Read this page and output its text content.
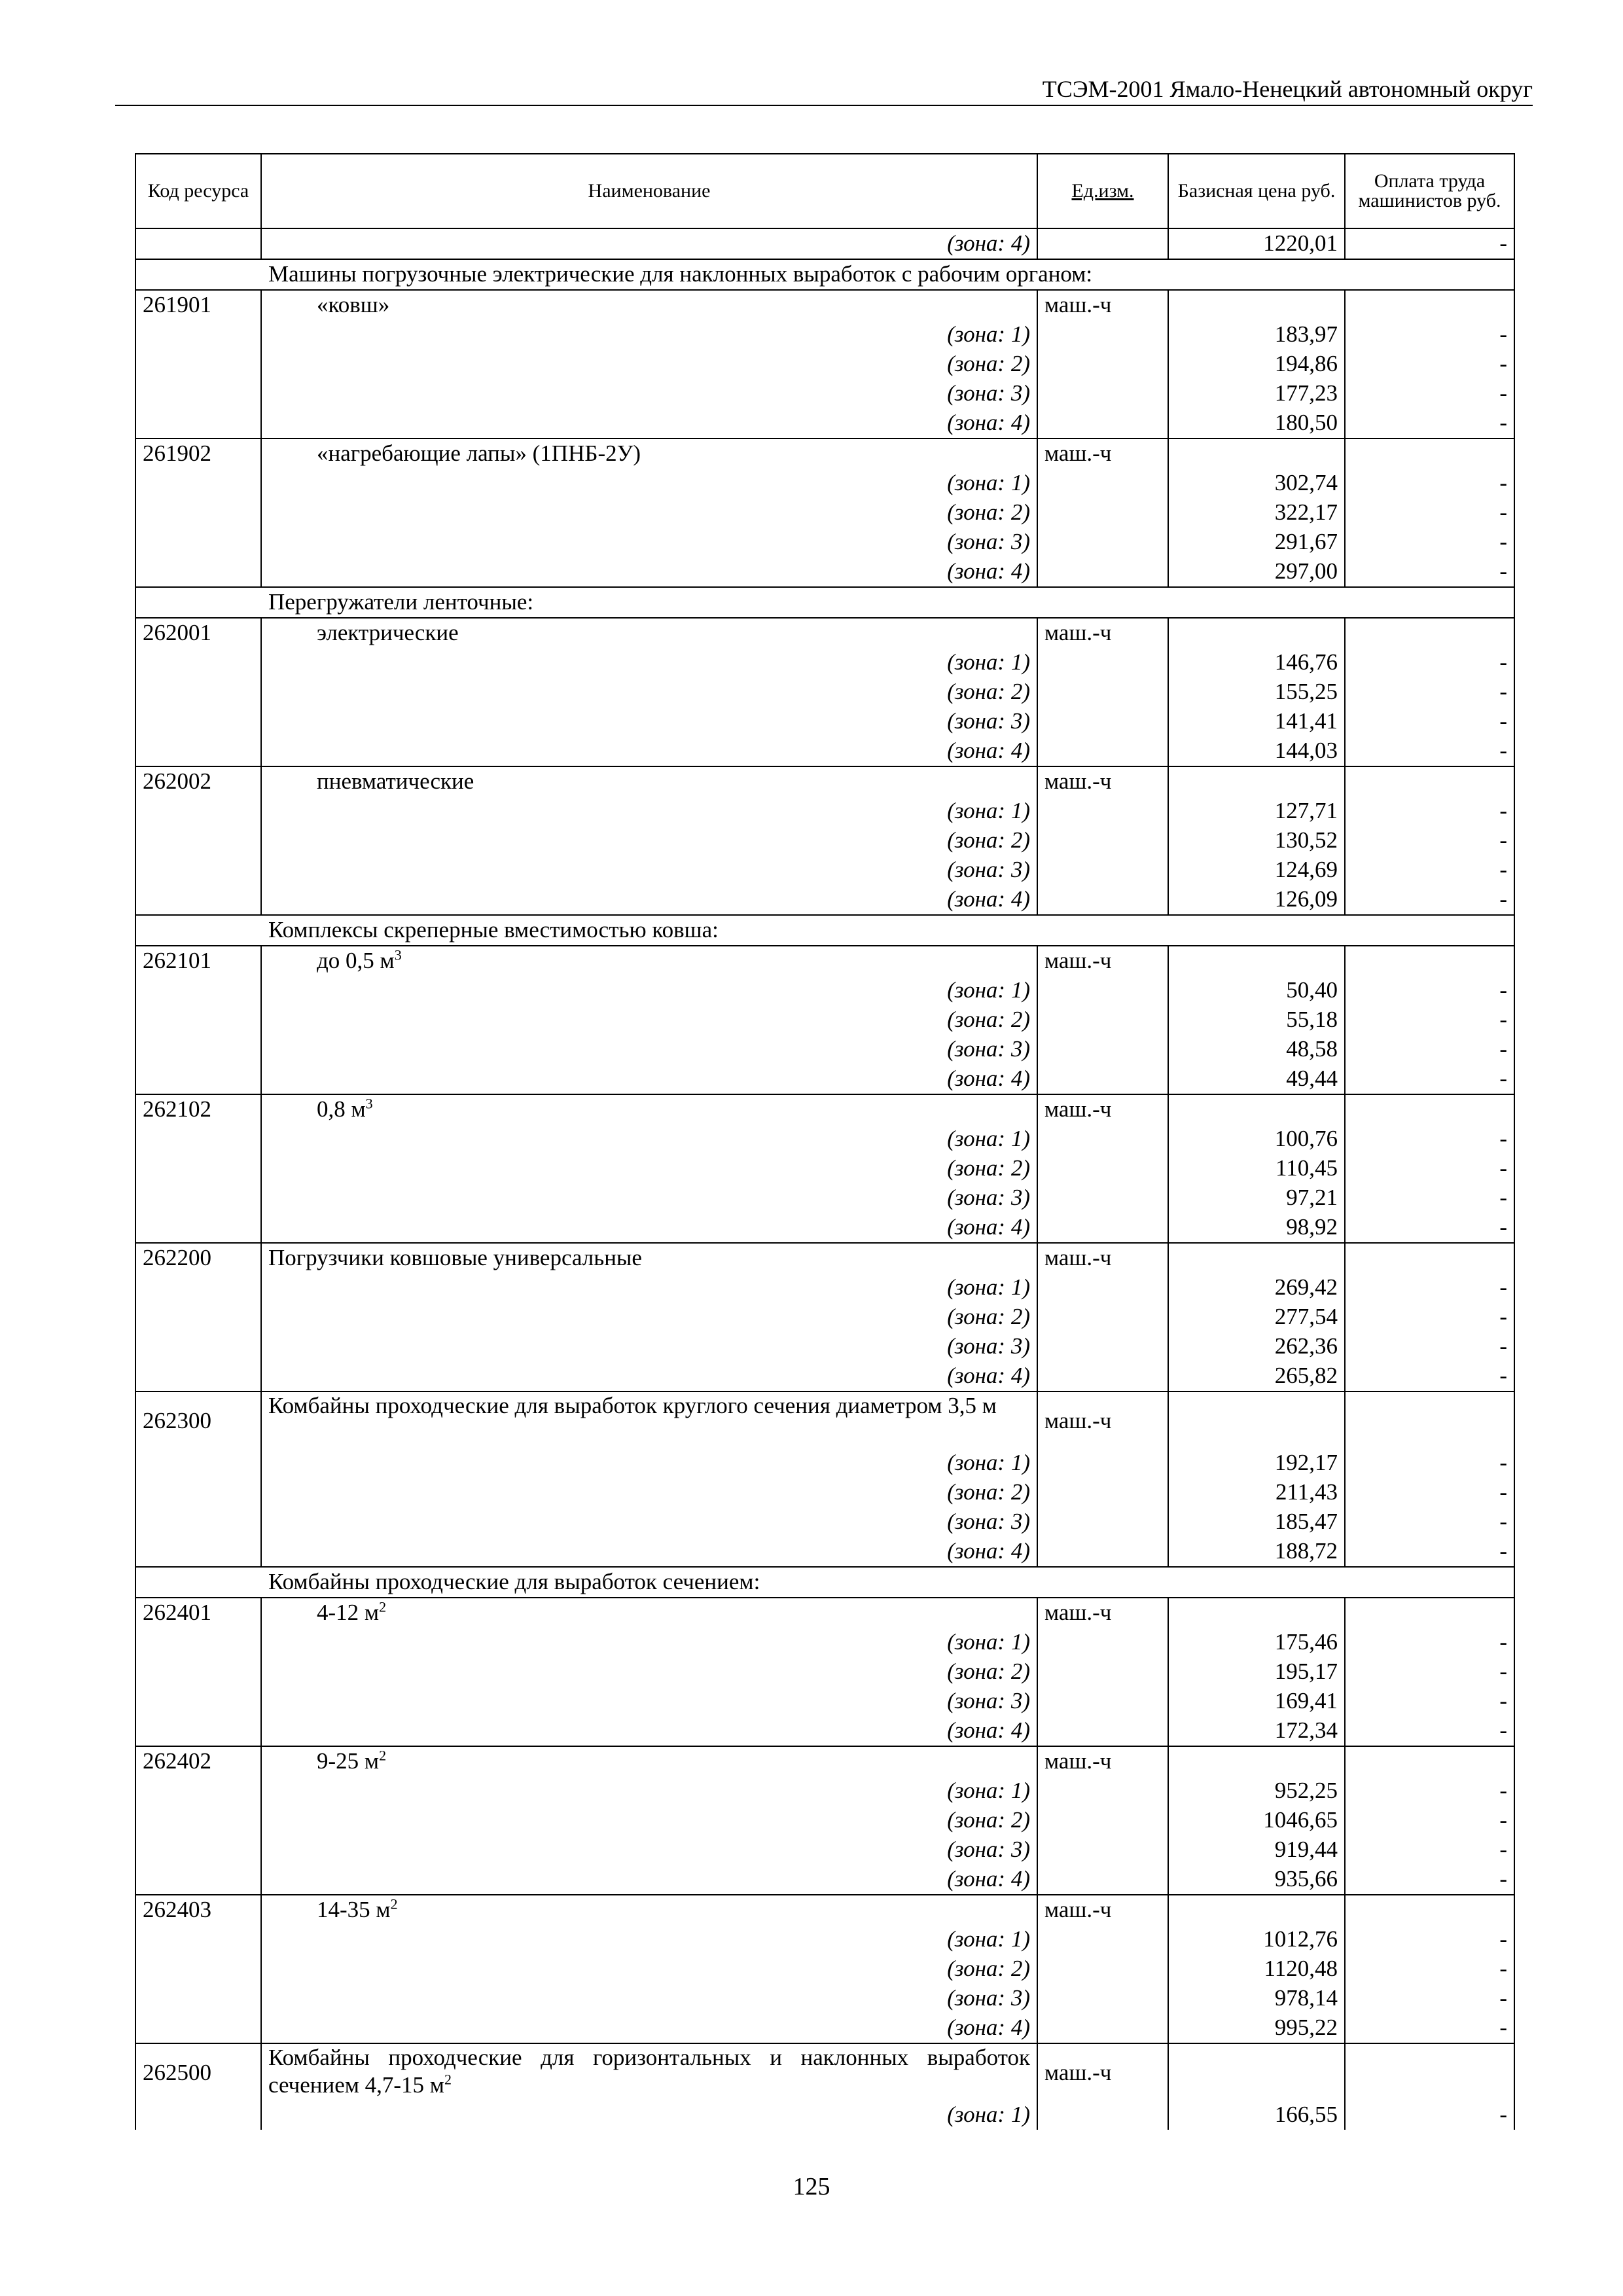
ТСЭМ-2001 Ямало-Ненецкий автономный округ
Код ресурса	Наименование	Ед.изм.	Базисная цена руб.	Оплата труда машинистов руб.
	(зона: 4)		1220,01	-
Машины погрузочные электрические для наклонных выработок с рабочим органом:				
261901	«ковш»	маш.-ч		
	(зона: 1)		183,97	-
	(зона: 2)		194,86	-
	(зона: 3)		177,23	-
	(зона: 4)		180,50	-
261902	«нагребающие лапы» (1ПНБ-2У)	маш.-ч		
	(зона: 1)		302,74	-
	(зона: 2)		322,17	-
	(зона: 3)		291,67	-
	(зона: 4)		297,00	-
Перегружатели ленточные:				
262001	электрические	маш.-ч		
	(зона: 1)		146,76	-
	(зона: 2)		155,25	-
	(зона: 3)		141,41	-
	(зона: 4)		144,03	-
262002	пневматические	маш.-ч		
	(зона: 1)		127,71	-
	(зона: 2)		130,52	-
	(зона: 3)		124,69	-
	(зона: 4)		126,09	-
Комплексы скреперные вместимостью ковша:				
262101	до 0,5 $м^3$	маш.-ч		
	(зона: 1)		50,40	-
	(зона: 2)		55,18	-
	(зона: 3)		48,58	-
	(зона: 4)		49,44	-
262102	0,8 $м^3$	маш.-ч		
	(зона: 1)		100,76	-
	(зона: 2)		110,45	-
	(зона: 3)		97,21	-
	(зона: 4)		98,92	-
262200	Погрузчики ковшовые универсальные	маш.-ч		
	(зона: 1)		269,42	-
	(зона: 2)		277,54	-
	(зона: 3)		262,36	-
	(зона: 4)		265,82	-
262300	Комбайны проходческие для выработок круглого сечения диаметром 3,5 м	маш.-ч		
	(зона: 1)		192,17	-
	(зона: 2)		211,43	-
	(зона: 3)		185,47	-
	(зона: 4)		188,72	-
Комбайны проходческие для выработок сечением:				
262401	4-12 $м^2$	маш.-ч		
	(зона: 1)		175,46	-
	(зона: 2)		195,17	-
	(зона: 3)		169,41	-
	(зона: 4)		172,34	-
262402	9-25 $м^2$	маш.-ч		
	(зона: 1)		952,25	-
	(зона: 2)		1046,65	-
	(зона: 3)		919,44	-
	(зона: 4)		935,66	-
262403	14-35 $м^2$	маш.-ч		
	(зона: 1)		1012,76	-
	(зона: 2)		1120,48	-
	(зона: 3)		978,14	-
	(зона: 4)		995,22	-
262500	Комбайны проходческие для горизонтальных и наклонных выработок сечением 4,7-15 $м^2$	маш.-ч		
	(зона: 1)		166,55	-
125
